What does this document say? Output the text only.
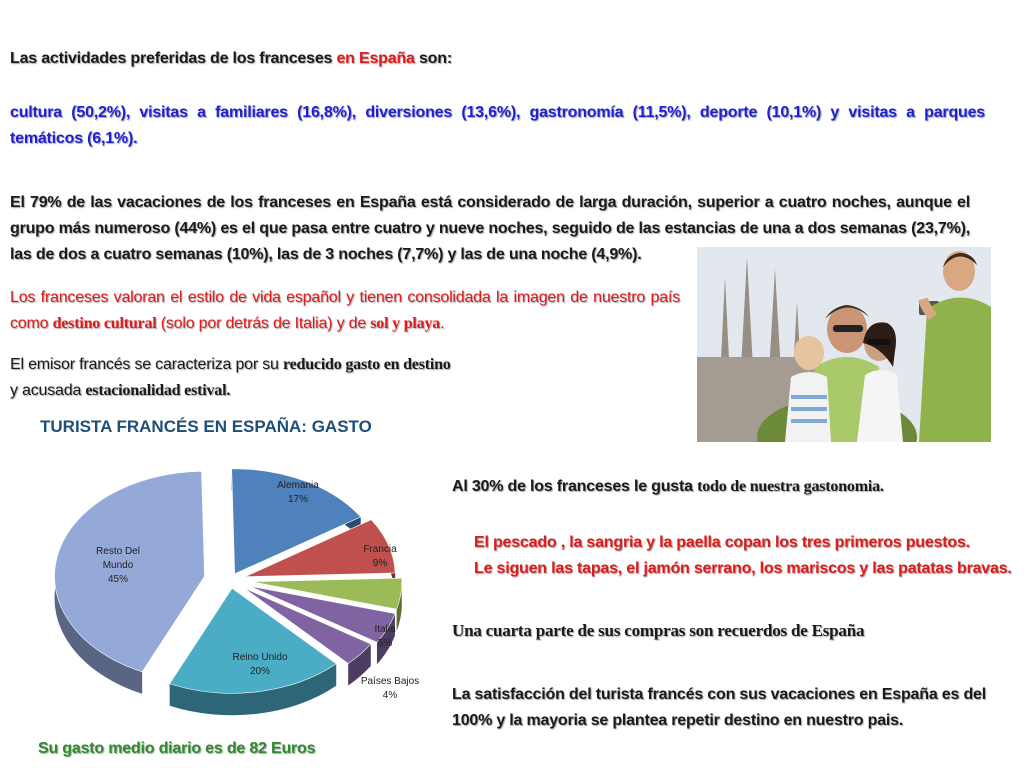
Las actividades preferidas de los franceses en España son:

cultura (50,2%), visitas a familiares (16,8%), diversiones (13,6%), gastronomía (11,5%), deporte (10,1%) y visitas a parques temáticos (6,1%).

El 79% de las vacaciones de los franceses en España está considerado de larga duración, superior a cuatro noches, aunque el grupo más numeroso (44%) es el que pasa entre cuatro y nueve noches, seguido de las estancias de una a dos semanas (23,7%), las de dos a cuatro semanas (10%), las de 3 noches (7,7%) y las de una noche (4,9%).

Los franceses valoran el estilo de vida español y tienen consolidada la imagen de nuestro país como destino cultural (solo por detrás de Italia) y de sol y playa.

El emisor francés se caracteriza por su reducido gasto en destino
y acusada estacionalidad estival.

TURISTA FRANCÉS EN ESPAÑA: GASTO
Alemania
17%
Francia
9%
Italia
5%
Países Bajos
4%
Reino Unido
20%
Resto Del Mundo
45%

Su gasto medio diario es de 82 Euros

Al 30% de los franceses le gusta todo de nuestra gastonomia.

El pescado , la sangria y la paella copan los tres primeros puestos.
Le siguen las tapas, el jamón serrano, los mariscos y las patatas bravas.

Una cuarta parte de sus compras son recuerdos de España

La satisfacción del turista francés con sus vacaciones en España es del 100% y la mayoria se plantea repetir destino en nuestro pais.
